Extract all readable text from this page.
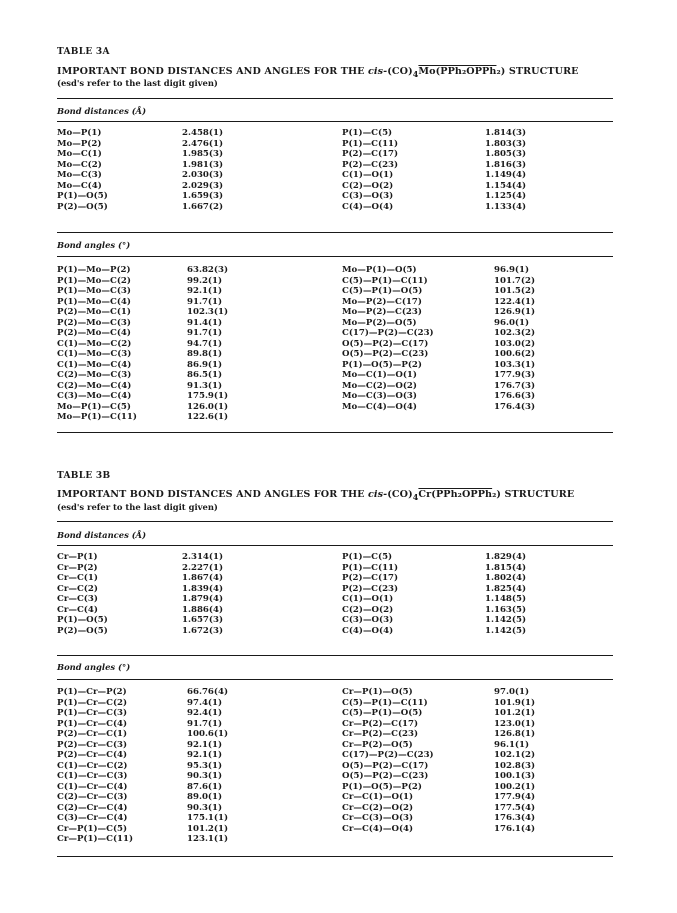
TABLE 3A
IMPORTANT BOND DISTANCES AND ANGLES FOR THE cis-$(CO)_4Mo(PPh_2OPPh_2)$ STRUCTURE
(esd's refer to the last digit given)
Bond distances (Å)
Mo—P(1)	2.458(1)	P(1)—C(5)	1.814(3)
Mo—P(2)	2.476(1)	P(1)—C(11)	1.803(3)
Mo—C(1)	1.985(3)	P(2)—C(17)	1.805(3)
Mo—C(2)	1.981(3)	P(2)—C(23)	1.816(3)
Mo—C(3)	2.030(3)	C(1)—O(1)	1.149(4)
Mo—C(4)	2.029(3)	C(2)—O(2)	1.154(4)
P(1)—O(5)	1.659(3)	C(3)—O(3)	1.125(4)
P(2)—O(5)	1.667(2)	C(4)—O(4)	1.133(4)
Bond angles (°)
P(1)—Mo—P(2)	63.82(3)	Mo—P(1)—O(5)	96.9(1)
P(1)—Mo—C(2)	99.2(1)	C(5)—P(1)—C(11)	101.7(2)
P(1)—Mo—C(3)	92.1(1)	C(5)—P(1)—O(5)	101.5(2)
P(1)—Mo—C(4)	91.7(1)	Mo—P(2)—C(17)	122.4(1)
P(2)—Mo—C(1)	102.3(1)	Mo—P(2)—C(23)	126.9(1)
P(2)—Mo—C(3)	91.4(1)	Mo—P(2)—O(5)	96.0(1)
P(2)—Mo—C(4)	91.7(1)	C(17)—P(2)—C(23)	102.3(2)
C(1)—Mo—C(2)	94.7(1)	O(5)—P(2)—C(17)	103.0(2)
C(1)—Mo—C(3)	89.8(1)	O(5)—P(2)—C(23)	100.6(2)
C(1)—Mo—C(4)	86.9(1)	P(1)—O(5)—P(2)	103.3(1)
C(2)—Mo—C(3)	86.5(1)	Mo—C(1)—O(1)	177.9(3)
C(2)—Mo—C(4)	91.3(1)	Mo—C(2)—O(2)	176.7(3)
C(3)—Mo—C(4)	175.9(1)	Mo—C(3)—O(3)	176.6(3)
Mo—P(1)—C(5)	126.0(1)	Mo—C(4)—O(4)	176.4(3)
Mo—P(1)—C(11)	122.6(1)
TABLE 3B
IMPORTANT BOND DISTANCES AND ANGLES FOR THE cis-$(CO)_4Cr(PPh_2OPPh_2)$ STRUCTURE
(esd's refer to the last digit given)
Bond distances (Å)
Cr—P(1)	2.314(1)	P(1)—C(5)	1.829(4)
Cr—P(2)	2.227(1)	P(1)—C(11)	1.815(4)
Cr—C(1)	1.867(4)	P(2)—C(17)	1.802(4)
Cr—C(2)	1.839(4)	P(2)—C(23)	1.825(4)
Cr—C(3)	1.879(4)	C(1)—O(1)	1.148(5)
Cr—C(4)	1.886(4)	C(2)—O(2)	1.163(5)
P(1)—O(5)	1.657(3)	C(3)—O(3)	1.142(5)
P(2)—O(5)	1.672(3)	C(4)—O(4)	1.142(5)
Bond angles (°)
P(1)—Cr—P(2)	66.76(4)	Cr—P(1)—O(5)	97.0(1)
P(1)—Cr—C(2)	97.4(1)	C(5)—P(1)—C(11)	101.9(1)
P(1)—Cr—C(3)	92.4(1)	C(5)—P(1)—O(5)	101.2(1)
P(1)—Cr—C(4)	91.7(1)	Cr—P(2)—C(17)	123.0(1)
P(2)—Cr—C(1)	100.6(1)	Cr—P(2)—C(23)	126.8(1)
P(2)—Cr—C(3)	92.1(1)	Cr—P(2)—O(5)	96.1(1)
P(2)—Cr—C(4)	92.1(1)	C(17)—P(2)—C(23)	102.1(2)
C(1)—Cr—C(2)	95.3(1)	O(5)—P(2)—C(17)	102.8(3)
C(1)—Cr—C(3)	90.3(1)	O(5)—P(2)—C(23)	100.1(3)
C(1)—Cr—C(4)	87.6(1)	P(1)—O(5)—P(2)	100.2(1)
C(2)—Cr—C(3)	89.0(1)	Cr—C(1)—O(1)	177.9(4)
C(2)—Cr—C(4)	90.3(1)	Cr—C(2)—O(2)	177.5(4)
C(3)—Cr—C(4)	175.1(1)	Cr—C(3)—O(3)	176.3(4)
Cr—P(1)—C(5)	101.2(1)	Cr—C(4)—O(4)	176.1(4)
Cr—P(1)—C(11)	123.1(1)
